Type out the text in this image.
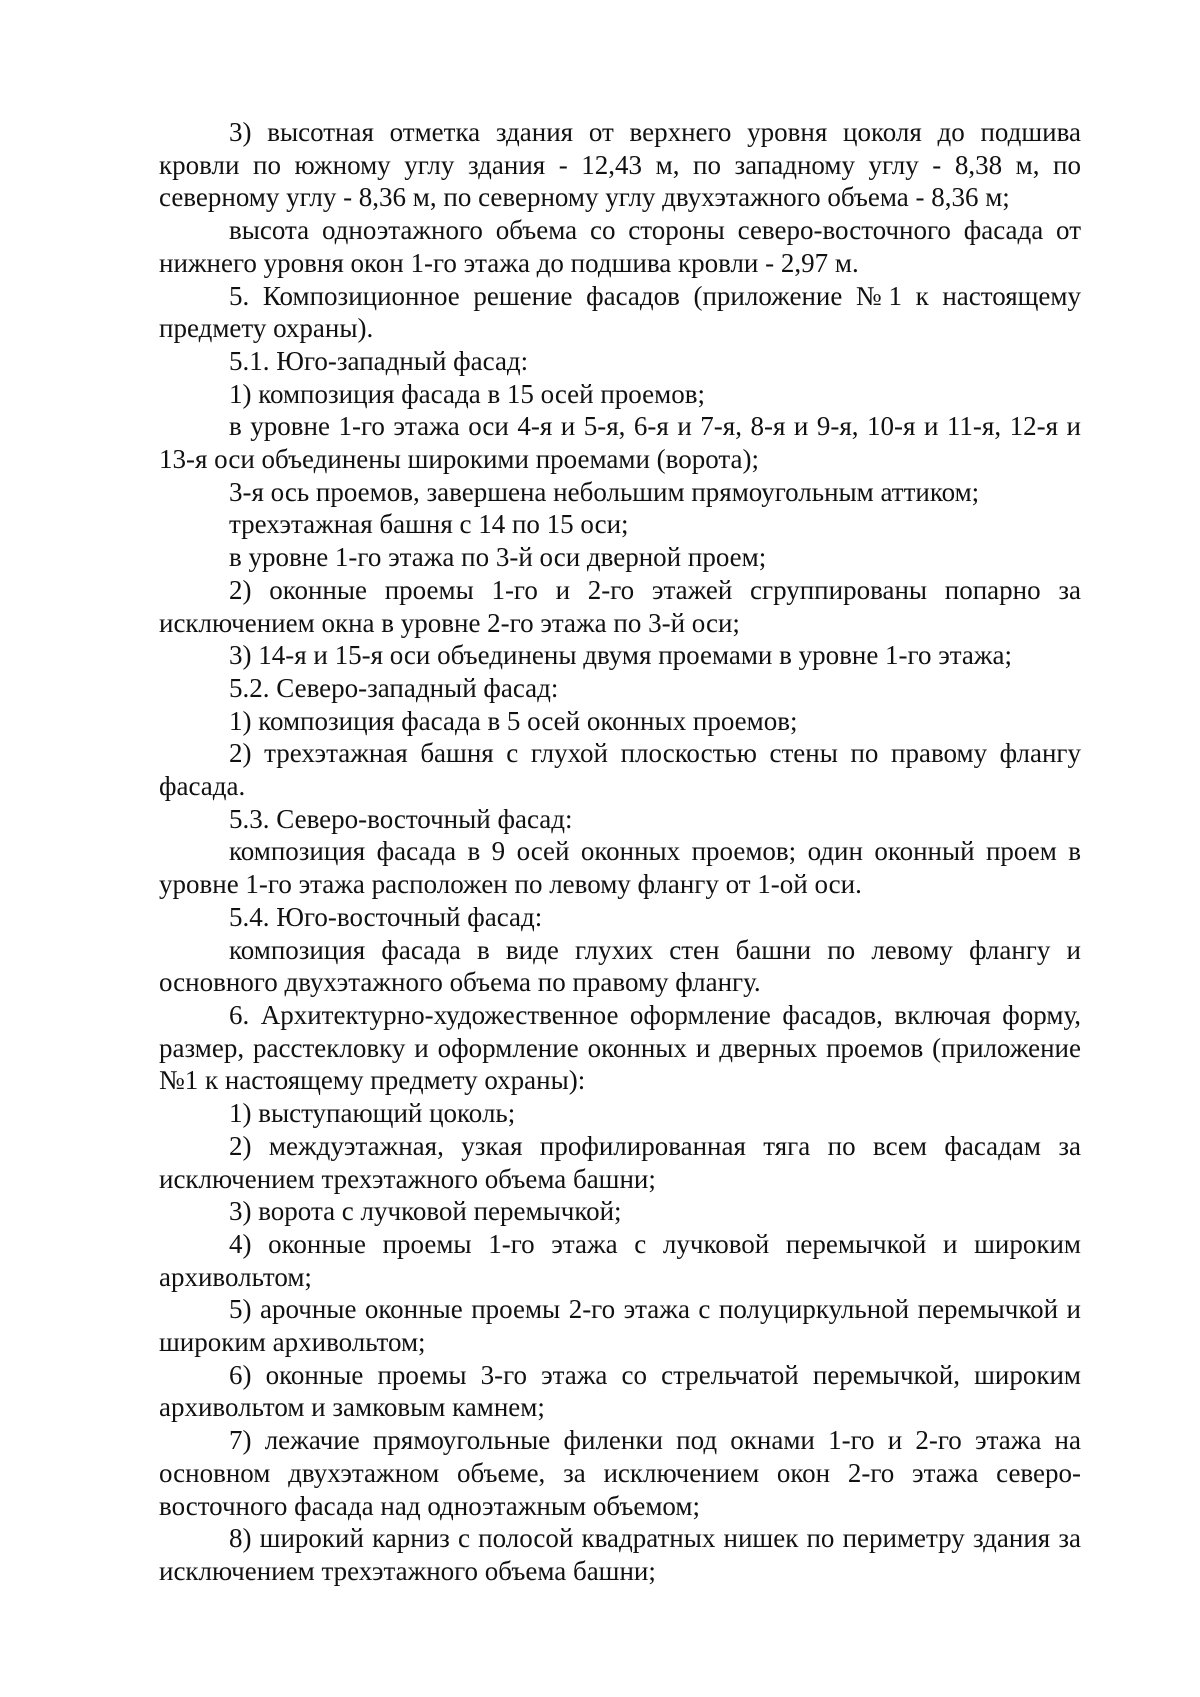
3) высотная отметка здания от верхнего уровня цоколя до подшива кровли по южному углу здания - 12,43 м, по западному углу - 8,38 м, по северному углу - 8,36 м, по северному углу двухэтажного объема - 8,36 м;

высота одноэтажного объема со стороны северо-восточного фасада от нижнего уровня окон 1-го этажа до подшива кровли - 2,97 м.

5. Композиционное решение фасадов (приложение №1 к настоящему предмету охраны).

5.1. Юго-западный фасад:

1) композиция фасада в 15 осей проемов;

в уровне 1-го этажа оси 4-я и 5-я, 6-я и 7-я, 8-я и 9-я, 10-я и 11-я, 12-я и 13-я оси объединены широкими проемами (ворота);

3-я ось проемов, завершена небольшим прямоугольным аттиком;

трехэтажная башня с 14 по 15 оси;

в уровне 1-го этажа по 3-й оси дверной проем;

2) оконные проемы 1-го и 2-го этажей сгруппированы попарно за исключением окна в уровне 2-го этажа по 3-й оси;

3) 14-я и 15-я оси объединены двумя проемами в уровне 1-го этажа;

5.2. Северо-западный фасад:

1) композиция фасада в 5 осей оконных проемов;

2) трехэтажная башня с глухой плоскостью стены по правому флангу фасада.

5.3. Северо-восточный фасад:

композиция фасада в 9 осей оконных проемов; один оконный проем в уровне 1-го этажа расположен по левому флангу от 1-ой оси.

5.4. Юго-восточный фасад:

композиция фасада в виде глухих стен башни по левому флангу и основного двухэтажного объема по правому флангу.

6. Архитектурно-художественное оформление фасадов, включая форму, размер, расстекловку и оформление оконных и дверных проемов (приложение №1 к настоящему предмету охраны):

1) выступающий цоколь;

2) междуэтажная, узкая профилированная тяга по всем фасадам за исключением трехэтажного объема башни;

3) ворота с лучковой перемычкой;

4) оконные проемы 1-го этажа с лучковой перемычкой и широким архивольтом;

5) арочные оконные проемы 2-го этажа с полуциркульной перемычкой и широким архивольтом;

6) оконные проемы 3-го этажа со стрельчатой перемычкой, широким архивольтом и замковым камнем;

7) лежачие прямоугольные филенки под окнами 1-го и 2-го этажа на основном двухэтажном объеме, за исключением окон 2-го этажа северо-восточного фасада над одноэтажным объемом;

8) широкий карниз с полосой квадратных нишек по периметру здания за исключением трехэтажного объема башни;
